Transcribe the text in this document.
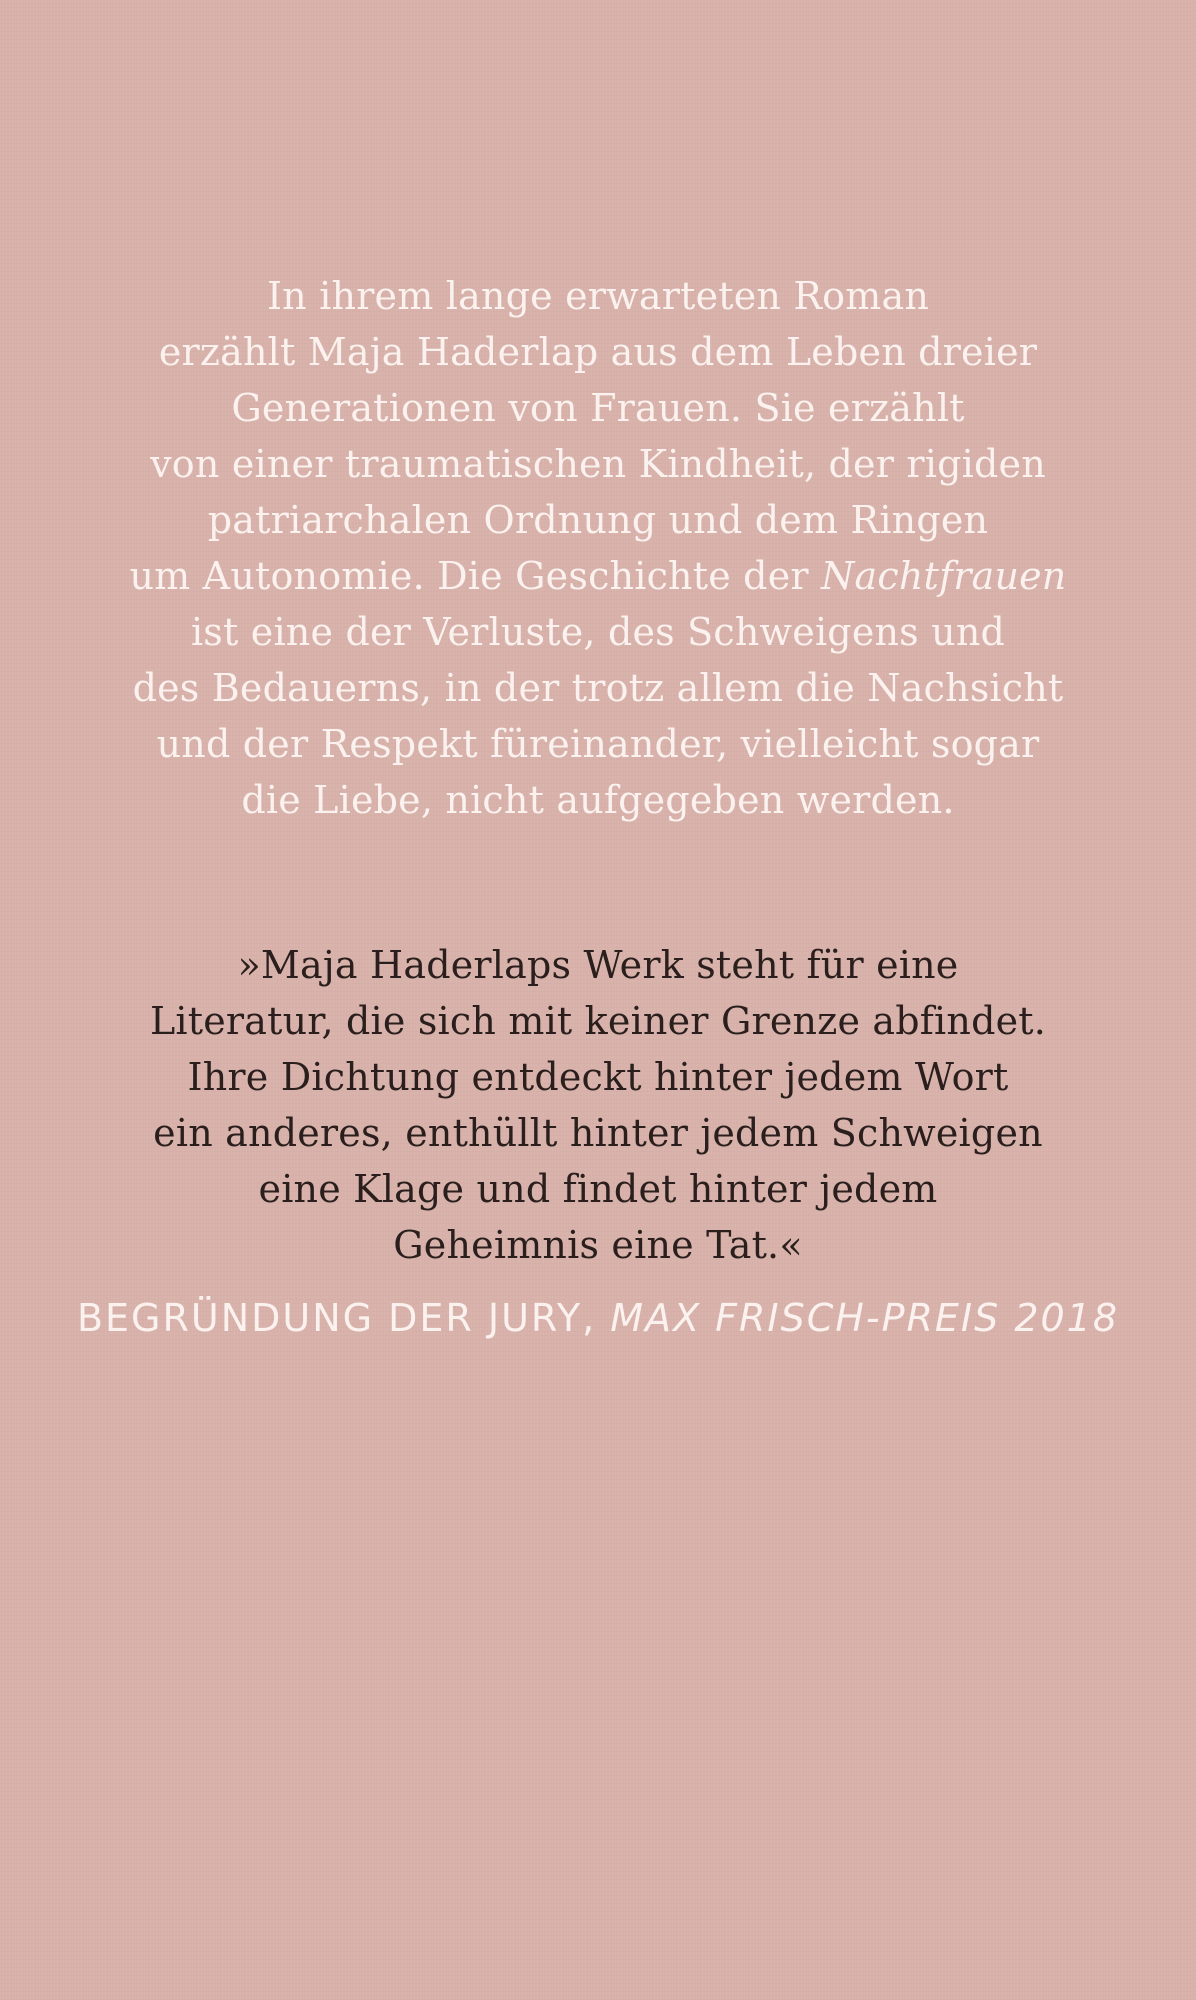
In ihrem lange erwarteten Roman
erzählt Maja Haderlap aus dem Leben dreier
Generationen von Frauen. Sie erzählt
von einer traumatischen Kindheit, der rigiden
patriarchalen Ordnung und dem Ringen
um Autonomie. Die Geschichte der Nachtfrauen
ist eine der Verluste, des Schweigens und
des Bedauerns, in der trotz allem die Nachsicht
und der Respekt füreinander, vielleicht sogar
die Liebe, nicht aufgegeben werden.
»Maja Haderlaps Werk steht für eine
Literatur, die sich mit keiner Grenze abfindet.
Ihre Dichtung entdeckt hinter jedem Wort
ein anderes, enthüllt hinter jedem Schweigen
eine Klage und findet hinter jedem
Geheimnis eine Tat.«
BEGRÜNDUNG DER JURY, MAX FRISCH-PREIS 2018
